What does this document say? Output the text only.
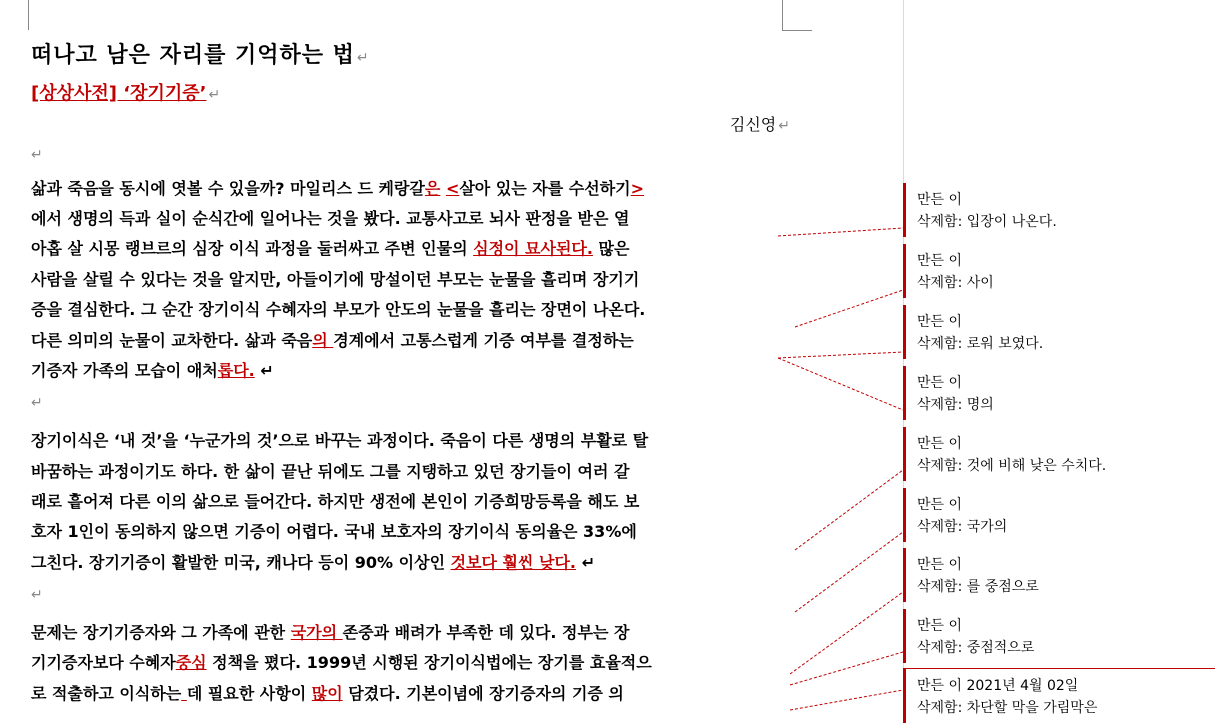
떠나고 남은 자리를 기억하는 법 ↵
[상상사전] ‘장기기증’ ↵
김신영 ↵
↵
삶과 죽음을 동시에 엿볼 수 있을까? 마일리스 드 케랑갈은 <살아 있는 자를 수선하기>
에서 생명의 득과 실이 순식간에 일어나는 것을 봤다. 교통사고로 뇌사 판정을 받은 열
아홉 살 시몽 랭브르의 심장 이식 과정을 둘러싸고 주변 인물의 심정이 묘사된다. 많은
사람을 살릴 수 있다는 것을 알지만, 아들이기에 망설이던 부모는 눈물을 흘리며 장기기
증을 결심한다. 그 순간 장기이식 수혜자의 부모가 안도의 눈물을 흘리는 장면이 나온다.
다른 의미의 눈물이 교차한다. 삶과 죽음의 경계에서 고통스럽게 기증 여부를 결정하는
기증자 가족의 모습이 애처롭다. ↵
↵
장기이식은 ‘내 것’을 ‘누군가의 것’으로 바꾸는 과정이다. 죽음이 다른 생명의 부활로 탈
바꿈하는 과정이기도 하다. 한 삶이 끝난 뒤에도 그를 지탱하고 있던 장기들이 여러 갈
래로 흩어져 다른 이의 삶으로 들어간다. 하지만 생전에 본인이 기증희망등록을 해도 보
호자 1인이 동의하지 않으면 기증이 어렵다. 국내 보호자의 장기이식 동의율은 33%에
그친다. 장기기증이 활발한 미국, 캐나다 등이 90% 이상인 것보다 훨씬 낮다. ↵
↵
문제는 장기기증자와 그 가족에 관한 국가의 존중과 배려가 부족한 데 있다. 정부는 장
기기증자보다 수혜자중심 정책을 폈다. 1999년 시행된 장기이식법에는 장기를 효율적으
로 적출하고 이식하는 데 필요한 사항이 많이 담겼다. 기본이념에 장기증자의 기증 의
만든 이
삭제함: 입장이 나온다.
만든 이
삭제함: 사이
만든 이
삭제함: 로워 보였다.
만든 이
삭제함: 명의
만든 이
삭제함: 것에 비해 낮은 수치다.
만든 이
삭제함: 국가의
만든 이
삭제함: 를 중점으로
만든 이
삭제함: 중점적으로
만든 이 2021년 4월 02일
삭제함: 차단할 막을 가림막은
